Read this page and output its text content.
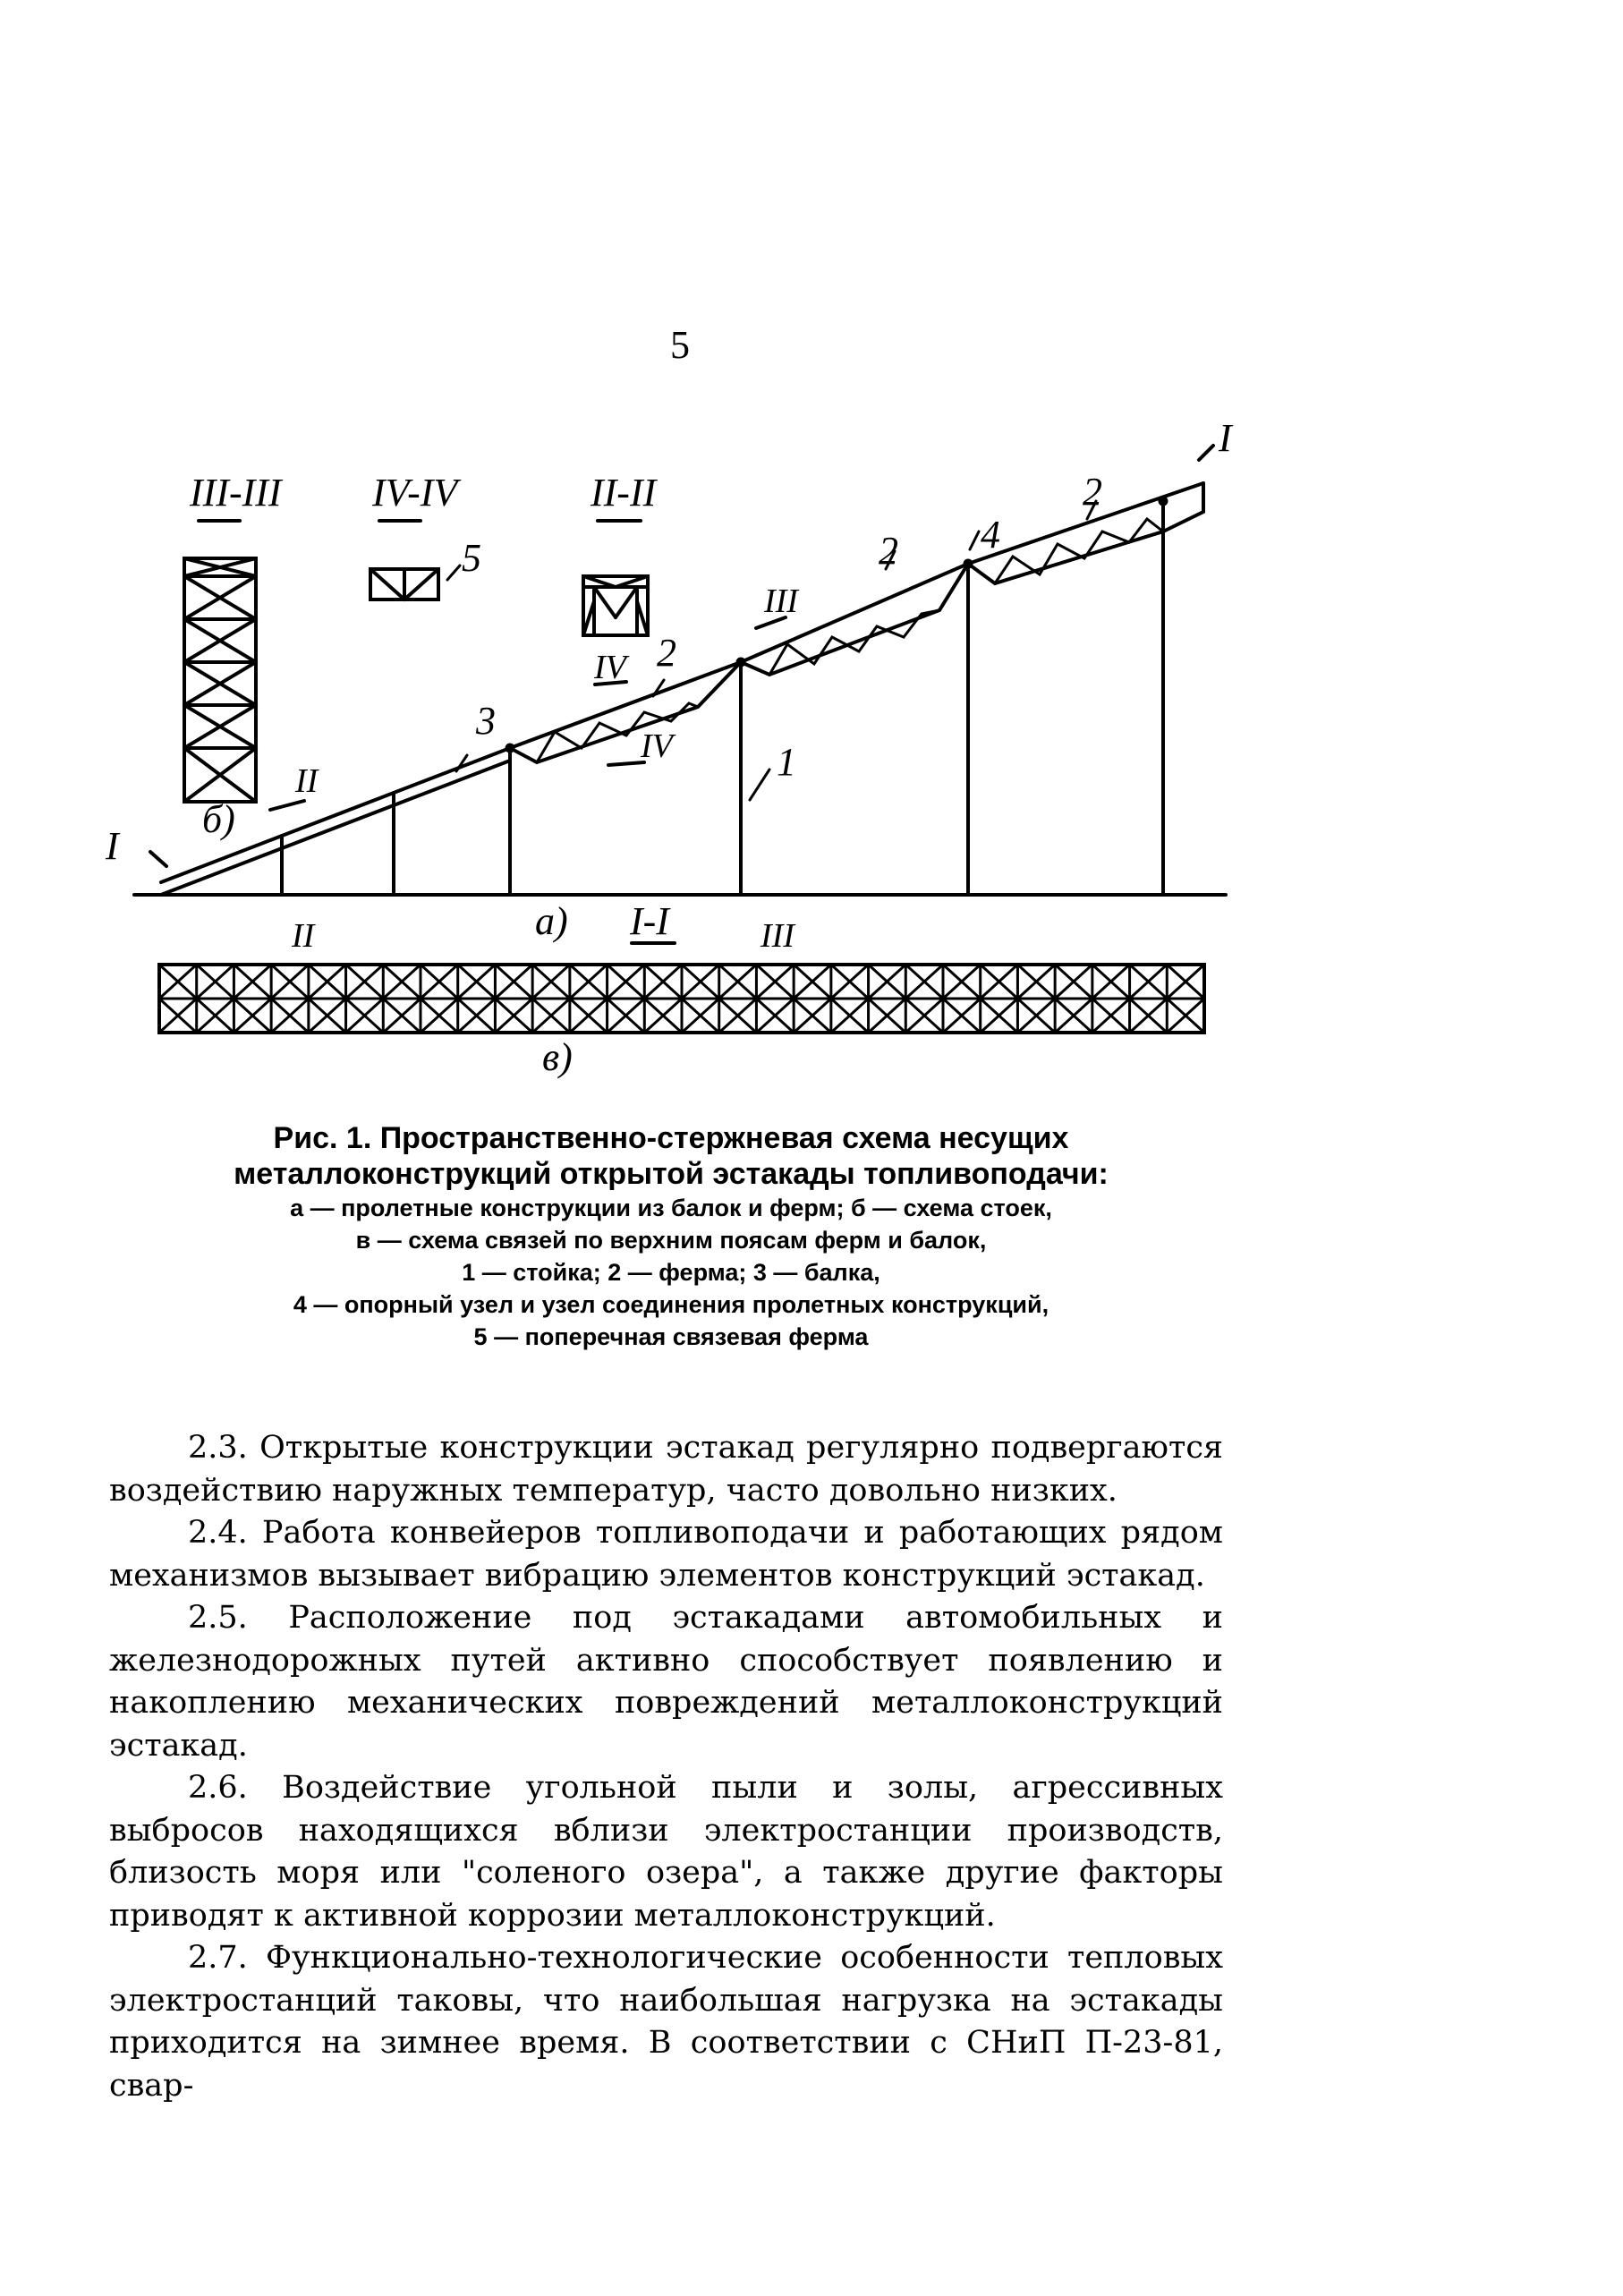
5
III-III
б)
IV-IV
5
II-II
I
I
II
II
III
III
IV
IV
3
2
2
2
4
1
a) I-I
в)
Рис. 1. Пространственно-стержневая схема несущих
металлоконструкций открытой эстакады топливоподачи:
а — пролетные конструкции из балок и ферм; б — схема стоек,
в — схема связей по верхним поясам ферм и балок,
1 — стойка; 2 — ферма; 3 — балка,
4 — опорный узел и узел соединения пролетных конструкций,
5 — поперечная связевая ферма

2.3. Открытые конструкции эстакад регулярно подвергаются воздействию наружных температур, часто довольно низких.

2.4. Работа конвейеров топливоподачи и работающих рядом механизмов вызывает вибрацию элементов конструкций эстакад.

2.5. Расположение под эстакадами автомобильных и железнодорожных путей активно способствует появлению и накоплению механических повреждений металлоконструкций эстакад.

2.6. Воздействие угольной пыли и золы, агрессивных выбросов находящихся вблизи электростанции производств, близость моря или "соленого озера", а также другие факторы приводят к активной коррозии металлоконструкций.

2.7. Функционально-технологические особенности тепловых электростанций таковы, что наибольшая нагрузка на эстакады приходится на зимнее время. В соответствии с СНиП П-23-81, свар-
